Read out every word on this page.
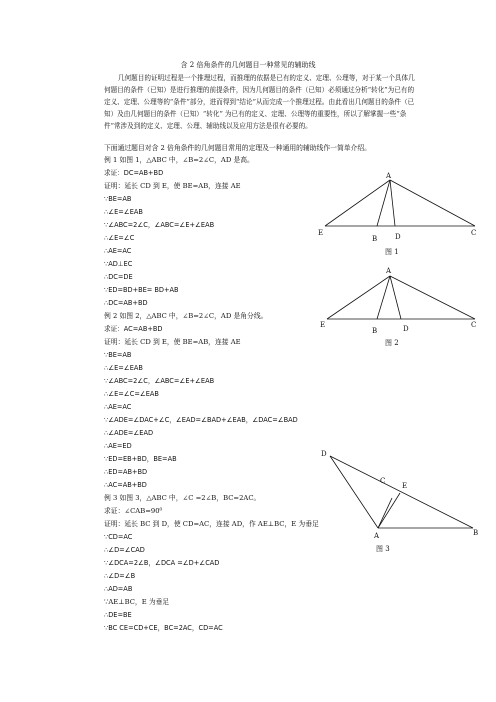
含 2 倍角条件的几何题目一种常见的辅助线
几何题目的证明过程是一个推理过程，而推理的依据是已有的定义、定理、公理等，对于某一个具体几何题目的条件（已知）是进行推理的前提条件，因为几何题目的条件（已知）必须通过分析“转化”为已有的定义、定理、公理等的“条件”部分，进而得到“结论”从而完成一个推理过程。由此看出几何题目的条件（已知）及由几何题目的条件（已知）“转化” 为已有的定义、定理、公理等的重要性，所以了解掌握一些“条件”常涉及到的定义、定理、公理、辅助线以及应用方法是很有必要的。
下面通过题目对含 2 倍角条件的几何题目常用的定理及一种通用的辅助线作一简单介绍。
例 1 如图 1，△ABC 中，∠B=2∠C，AD 是高。
求证：DC=AB+BD
证明：延长 CD 到 E，使 BE=AB，连接 AE
∵BE=AB
∴∠E=∠EAB
∵∠ABC=2∠C，∠ABC=∠E+∠EAB
∴∠E=∠C
∴AE=AC
∵AD⊥EC
∴DC=DE
∵ED=BD+BE= BD+AB
∴DC=AB+BD
例 2 如图 2，△ABC 中，∠B=2∠C，AD 是角分线。
求证：AC=AB+BD
证明：延长 CD 到 E，使 BE=AB，连接 AE
∵BE=AB
∴∠E=∠EAB
∵∠ABC=2∠C，∠ABC=∠E+∠EAB
∴∠E=∠C=∠EAB
∴AE=AC
∵∠ADE=∠DAC+∠C，∠EAD=∠BAD+∠EAB，∠DAC=∠BAD
∴∠ADE=∠EAD
∴AE=ED
∵ED=EB+BD，BE=AB
∴ED=AB+BD
∴AC=AB+BD
例 3 如图 3，△ABC 中，∠C =2∠B，BC=2AC。
求证：∠CAB=90⁰
证明：延长 BC 到 D，使 CD=AC，连接 AD，作 AE⊥BC，E 为垂足
∵CD=AC
∴∠D=∠CAD
∵∠DCA=2∠B，∠DCA =∠D+∠CAD
∴∠D=∠B
∴AD=AB
∵AE⊥BC，E 为垂足
∴DE=BE
∵BC CE=CD+CE，BC=2AC，CD=AC
A
E
B	D	C
图 1
A
E
B	D	C
图 2
D
C
E
A	B
图 3
